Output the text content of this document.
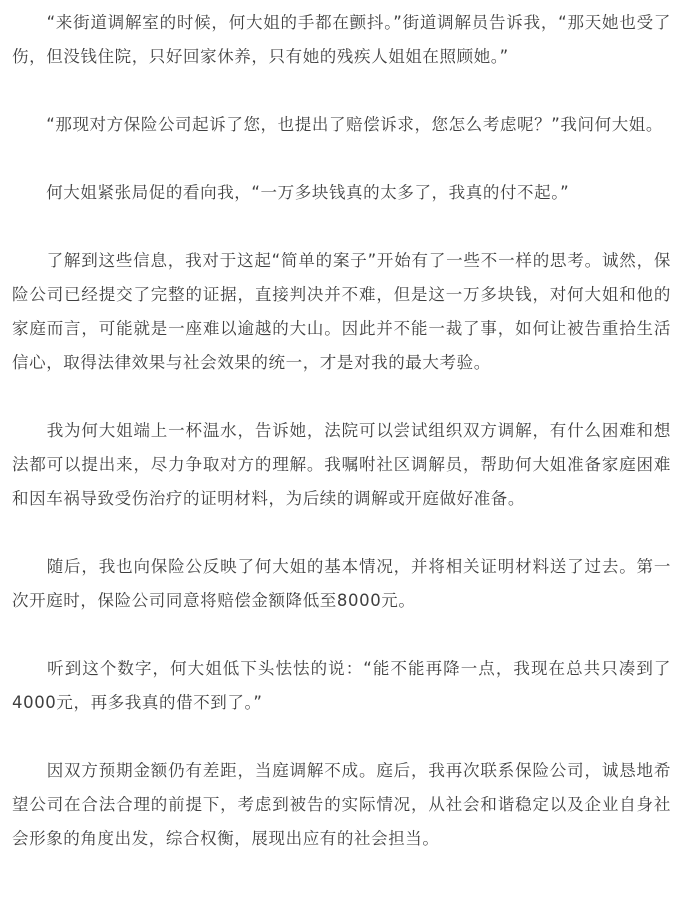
　　“来街道调解室的时候，何大姐的手都在颤抖。”街道调解员告诉我，“那天她也受了伤，但没钱住院，只好回家休养，只有她的残疾人姐姐在照顾她。”

　　“那现对方保险公司起诉了您，也提出了赔偿诉求，您怎么考虑呢？”我问何大姐。

　　何大姐紧张局促的看向我，“一万多块钱真的太多了，我真的付不起。”

　　了解到这些信息，我对于这起“简单的案子”开始有了一些不一样的思考。诚然，保险公司已经提交了完整的证据，直接判决并不难，但是这一万多块钱，对何大姐和他的家庭而言，可能就是一座难以逾越的大山。因此并不能一裁了事，如何让被告重拾生活信心，取得法律效果与社会效果的统一，才是对我的最大考验。

　　我为何大姐端上一杯温水，告诉她，法院可以尝试组织双方调解，有什么困难和想法都可以提出来，尽力争取对方的理解。我嘱咐社区调解员，帮助何大姐准备家庭困难和因车祸导致受伤治疗的证明材料，为后续的调解或开庭做好准备。

　　随后，我也向保险公反映了何大姐的基本情况，并将相关证明材料送了过去。第一次开庭时，保险公司同意将赔偿金额降低至8000元。

　　听到这个数字，何大姐低下头怯怯的说：“能不能再降一点，我现在总共只凑到了4000元，再多我真的借不到了。”

　　因双方预期金额仍有差距，当庭调解不成。庭后，我再次联系保险公司，诚恳地希望公司在合法合理的前提下，考虑到被告的实际情况，从社会和谐稳定以及企业自身社会形象的角度出发，综合权衡，展现出应有的社会担当。
